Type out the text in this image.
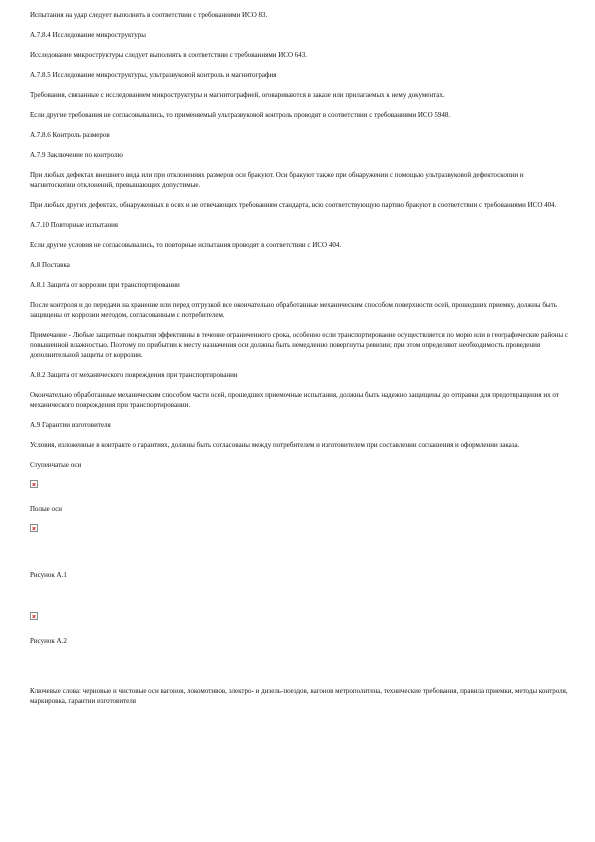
Испытания на удар следует выполнять в соответствии с требованиями ИСО 83.

А.7.8.4 Исследование микроструктуры

Исследование микроструктуры следует выполнять в соответствии с требованиями ИСО 643.

А.7.8.5 Исследование микроструктуры, ультразвуковой контроль и магнитография

Требования, связанные с исследованием микроструктуры и магнитографией, оговариваются в заказе или прилагаемых к нему документах.

Если другие требования не согласовывались, то применяемый ультразвуковой контроль проводят в соответствии с требованиями ИСО 5948.

А.7.8.6 Контроль размеров

А.7.9 Заключение по контролю

При любых дефектах внешнего вида или при отклонениях размеров оси бракуют. Оси бракуют также при обнаружении с помощью ультразвуковой дефектоскопии и магнитоскопии отклонений, превышающих допустимые.

При любых других дефектах, обнаруженных в осях и не отвечающих требованиям стандарта, всю соответствующую партию бракуют в соответствии с требованиями ИСО 404.

А.7.10 Повторные испытания

Если другие условия не согласовывались, то повторные испытания проводят в соответствии с ИСО 404.

А.8 Поставка

А.8.1 Защита от коррозии при транспортировании

После контроля и до передачи на хранение или перед отгрузкой все окончательно обработанные механическим способом поверхности осей, прошедших приемку, должны быть защищены от коррозии методом, согласованным с потребителем.

Примечание - Любые защитные покрытия эффективны в течение ограниченного срока, особенно если транспортирование осуществляется по морю или в географические районы с повышенной влажностью. Поэтому по прибытии к месту назначения оси должны быть немедленно повергнуты ревизии; при этом определяют необходимость проведения дополнительной защиты от коррозии.

А.8.2 Защита от механического повреждения при транспортировании

Окончательно обработанные механическим способом части осей, прошедших приемочные испытания, должны быть надежно защищены до отправки для предотвращения их от механического повреждения при транспортировании.

А.9 Гарантии изготовителя

Условия, изложенные в контракте о гарантиях, должны быть согласованы между потребителем и изготовителем при составлении соглашения и оформлении заказа.

Ступенчатые оси

Полые оси

Рисунок А.1

Рисунок А.2

Ключевые слова: черновые и чистовые оси вагонов, локомотивов, электро- и дизель-поездов, вагонов метрополитена, технические требования, правила приемки, методы контроля, маркировка, гарантии изготовителя
